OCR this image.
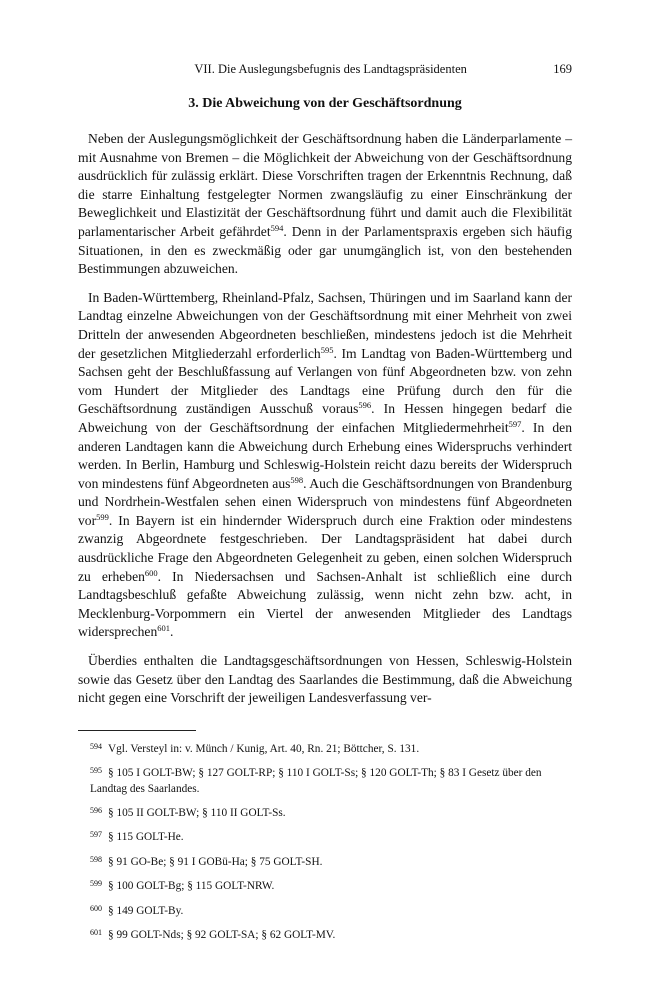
VII. Die Auslegungsbefugnis des Landtagspräsidenten	169
3. Die Abweichung von der Geschäftsordnung

Neben der Auslegungsmöglichkeit der Geschäftsordnung haben die Länderparlamente – mit Ausnahme von Bremen – die Möglichkeit der Abweichung von der Geschäftsordnung ausdrücklich für zulässig erklärt. Diese Vorschriften tragen der Erkenntnis Rechnung, daß die starre Einhaltung festgelegter Normen zwangsläufig zu einer Einschränkung der Beweglichkeit und Elastizität der Geschäftsordnung führt und damit auch die Flexibilität parlamentarischer Arbeit gefährdet$^{594}$. Denn in der Parlamentspraxis ergeben sich häufig Situationen, in den es zweckmäßig oder gar unumgänglich ist, von den bestehenden Bestimmungen abzuweichen.

In Baden-Württemberg, Rheinland-Pfalz, Sachsen, Thüringen und im Saarland kann der Landtag einzelne Abweichungen von der Geschäftsordnung mit einer Mehrheit von zwei Dritteln der anwesenden Abgeordneten beschließen, mindestens jedoch ist die Mehrheit der gesetzlichen Mitgliederzahl erforderlich$^{595}$. Im Landtag von Baden-Württemberg und Sachsen geht der Beschlußfassung auf Verlangen von fünf Abgeordneten bzw. von zehn vom Hundert der Mitglieder des Landtags eine Prüfung durch den für die Geschäftsordnung zuständigen Ausschuß voraus$^{596}$. In Hessen hingegen bedarf die Abweichung von der Geschäftsordnung der einfachen Mitgliedermehrheit$^{597}$. In den anderen Landtagen kann die Abweichung durch Erhebung eines Widerspruchs verhindert werden. In Berlin, Hamburg und Schleswig-Holstein reicht dazu bereits der Widerspruch von mindestens fünf Abgeordneten aus$^{598}$. Auch die Geschäftsordnungen von Brandenburg und Nordrhein-Westfalen sehen einen Widerspruch von mindestens fünf Abgeordneten vor$^{599}$. In Bayern ist ein hindernder Widerspruch durch eine Fraktion oder mindestens zwanzig Abgeordnete festgeschrieben. Der Landtagspräsident hat dabei durch ausdrückliche Frage den Abgeordneten Gelegenheit zu geben, einen solchen Widerspruch zu erheben$^{600}$. In Niedersachsen und Sachsen-Anhalt ist schließlich eine durch Landtagsbeschluß gefaßte Abweichung zulässig, wenn nicht zehn bzw. acht, in Mecklenburg-Vorpommern ein Viertel der anwesenden Mitglieder des Landtags widersprechen$^{601}$.

Überdies enthalten die Landtagsgeschäftsordnungen von Hessen, Schleswig-Holstein sowie das Gesetz über den Landtag des Saarlandes die Bestimmung, daß die Abweichung nicht gegen eine Vorschrift der jeweiligen Landesverfassung ver-

$^{594}$ Vgl. Versteyl in: v. Münch / Kunig, Art. 40, Rn. 21; Böttcher, S. 131.
$^{595}$ § 105 I GOLT-BW; § 127 GOLT-RP; § 110 I GOLT-Ss; § 120 GOLT-Th; § 83 I Gesetz über den Landtag des Saarlandes.
$^{596}$ § 105 II GOLT-BW; § 110 II GOLT-Ss.
$^{597}$ § 115 GOLT-He.
$^{598}$ § 91 GO-Be; § 91 I GOBü-Ha; § 75 GOLT-SH.
$^{599}$ § 100 GOLT-Bg; § 115 GOLT-NRW.
$^{600}$ § 149 GOLT-By.
$^{601}$ § 99 GOLT-Nds; § 92 GOLT-SA; § 62 GOLT-MV.
